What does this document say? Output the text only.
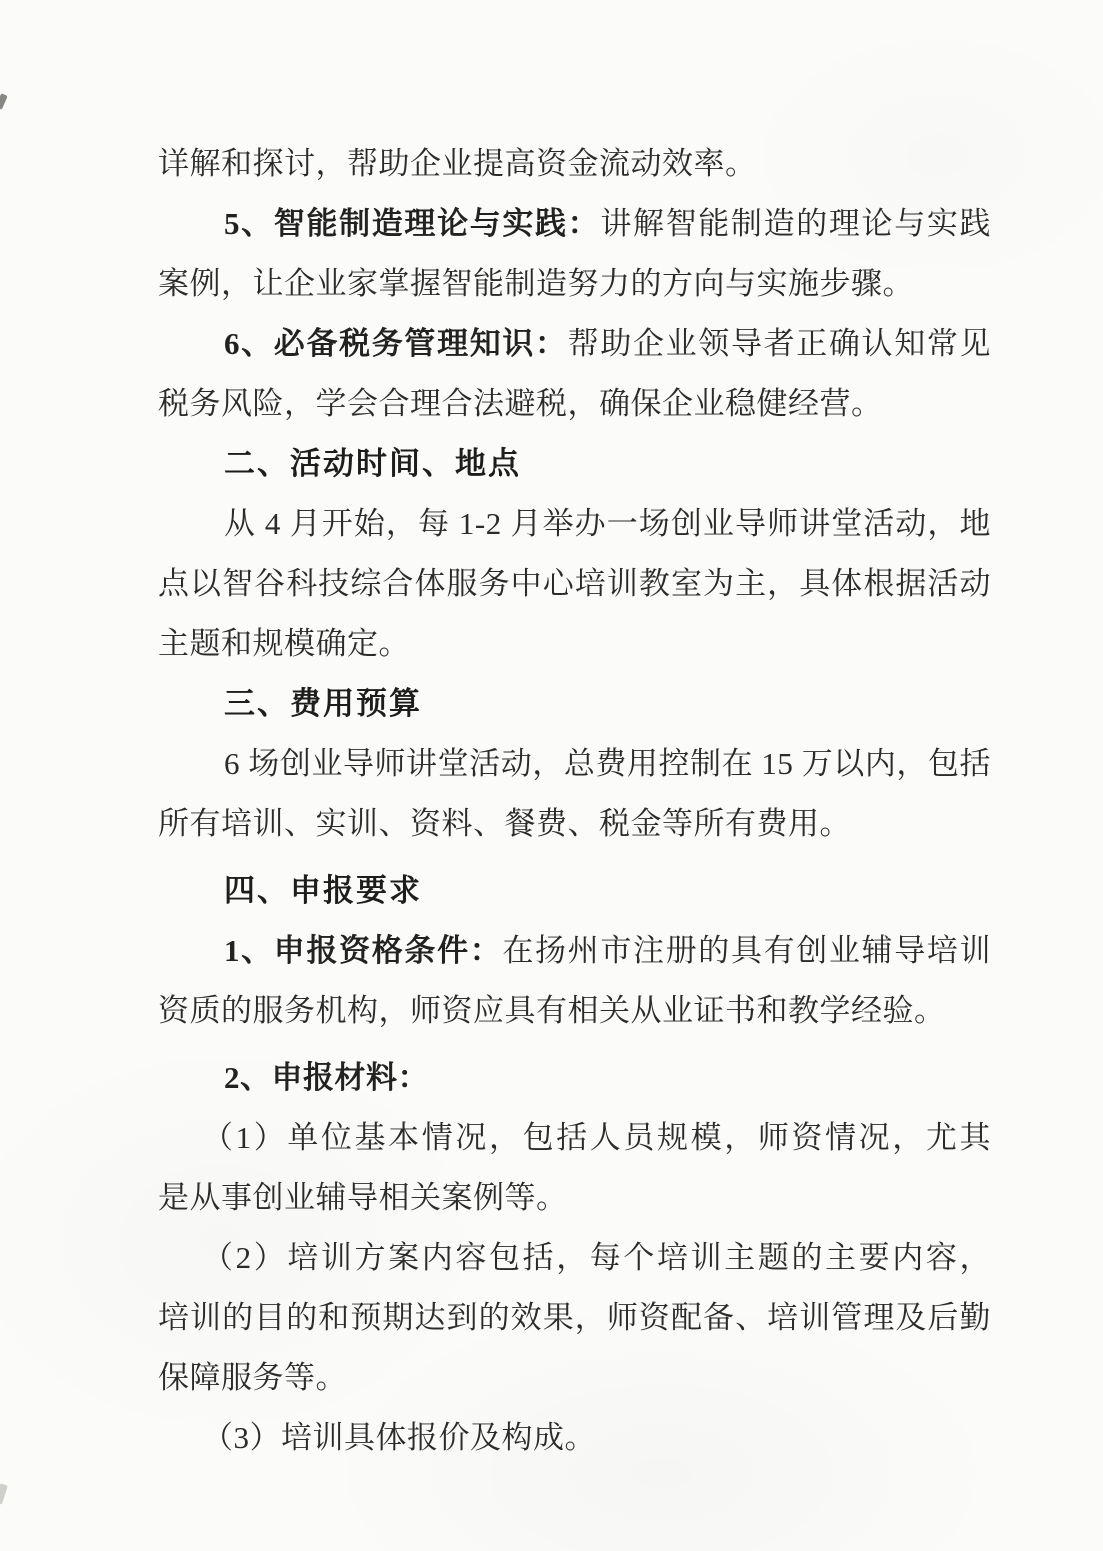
详解和探讨，帮助企业提高资金流动效率。
5、智能制造理论与实践：讲解智能制造的理论与实践
案例，让企业家掌握智能制造努力的方向与实施步骤。
6、必备税务管理知识：帮助企业领导者正确认知常见
税务风险，学会合理合法避税，确保企业稳健经营。
二、活动时间、地点
从 4 月开始，每 1-2 月举办一场创业导师讲堂活动，地
点以智谷科技综合体服务中心培训教室为主，具体根据活动
主题和规模确定。
三、费用预算
6 场创业导师讲堂活动，总费用控制在 15 万以内，包括
所有培训、实训、资料、餐费、税金等所有费用。
四、申报要求
1、申报资格条件：在扬州市注册的具有创业辅导培训
资质的服务机构，师资应具有相关从业证书和教学经验。
2、申报材料：
（1）单位基本情况，包括人员规模，师资情况，尤其
是从事创业辅导相关案例等。
（2）培训方案内容包括，每个培训主题的主要内容，
培训的目的和预期达到的效果，师资配备、培训管理及后勤
保障服务等。
（3）培训具体报价及构成。
